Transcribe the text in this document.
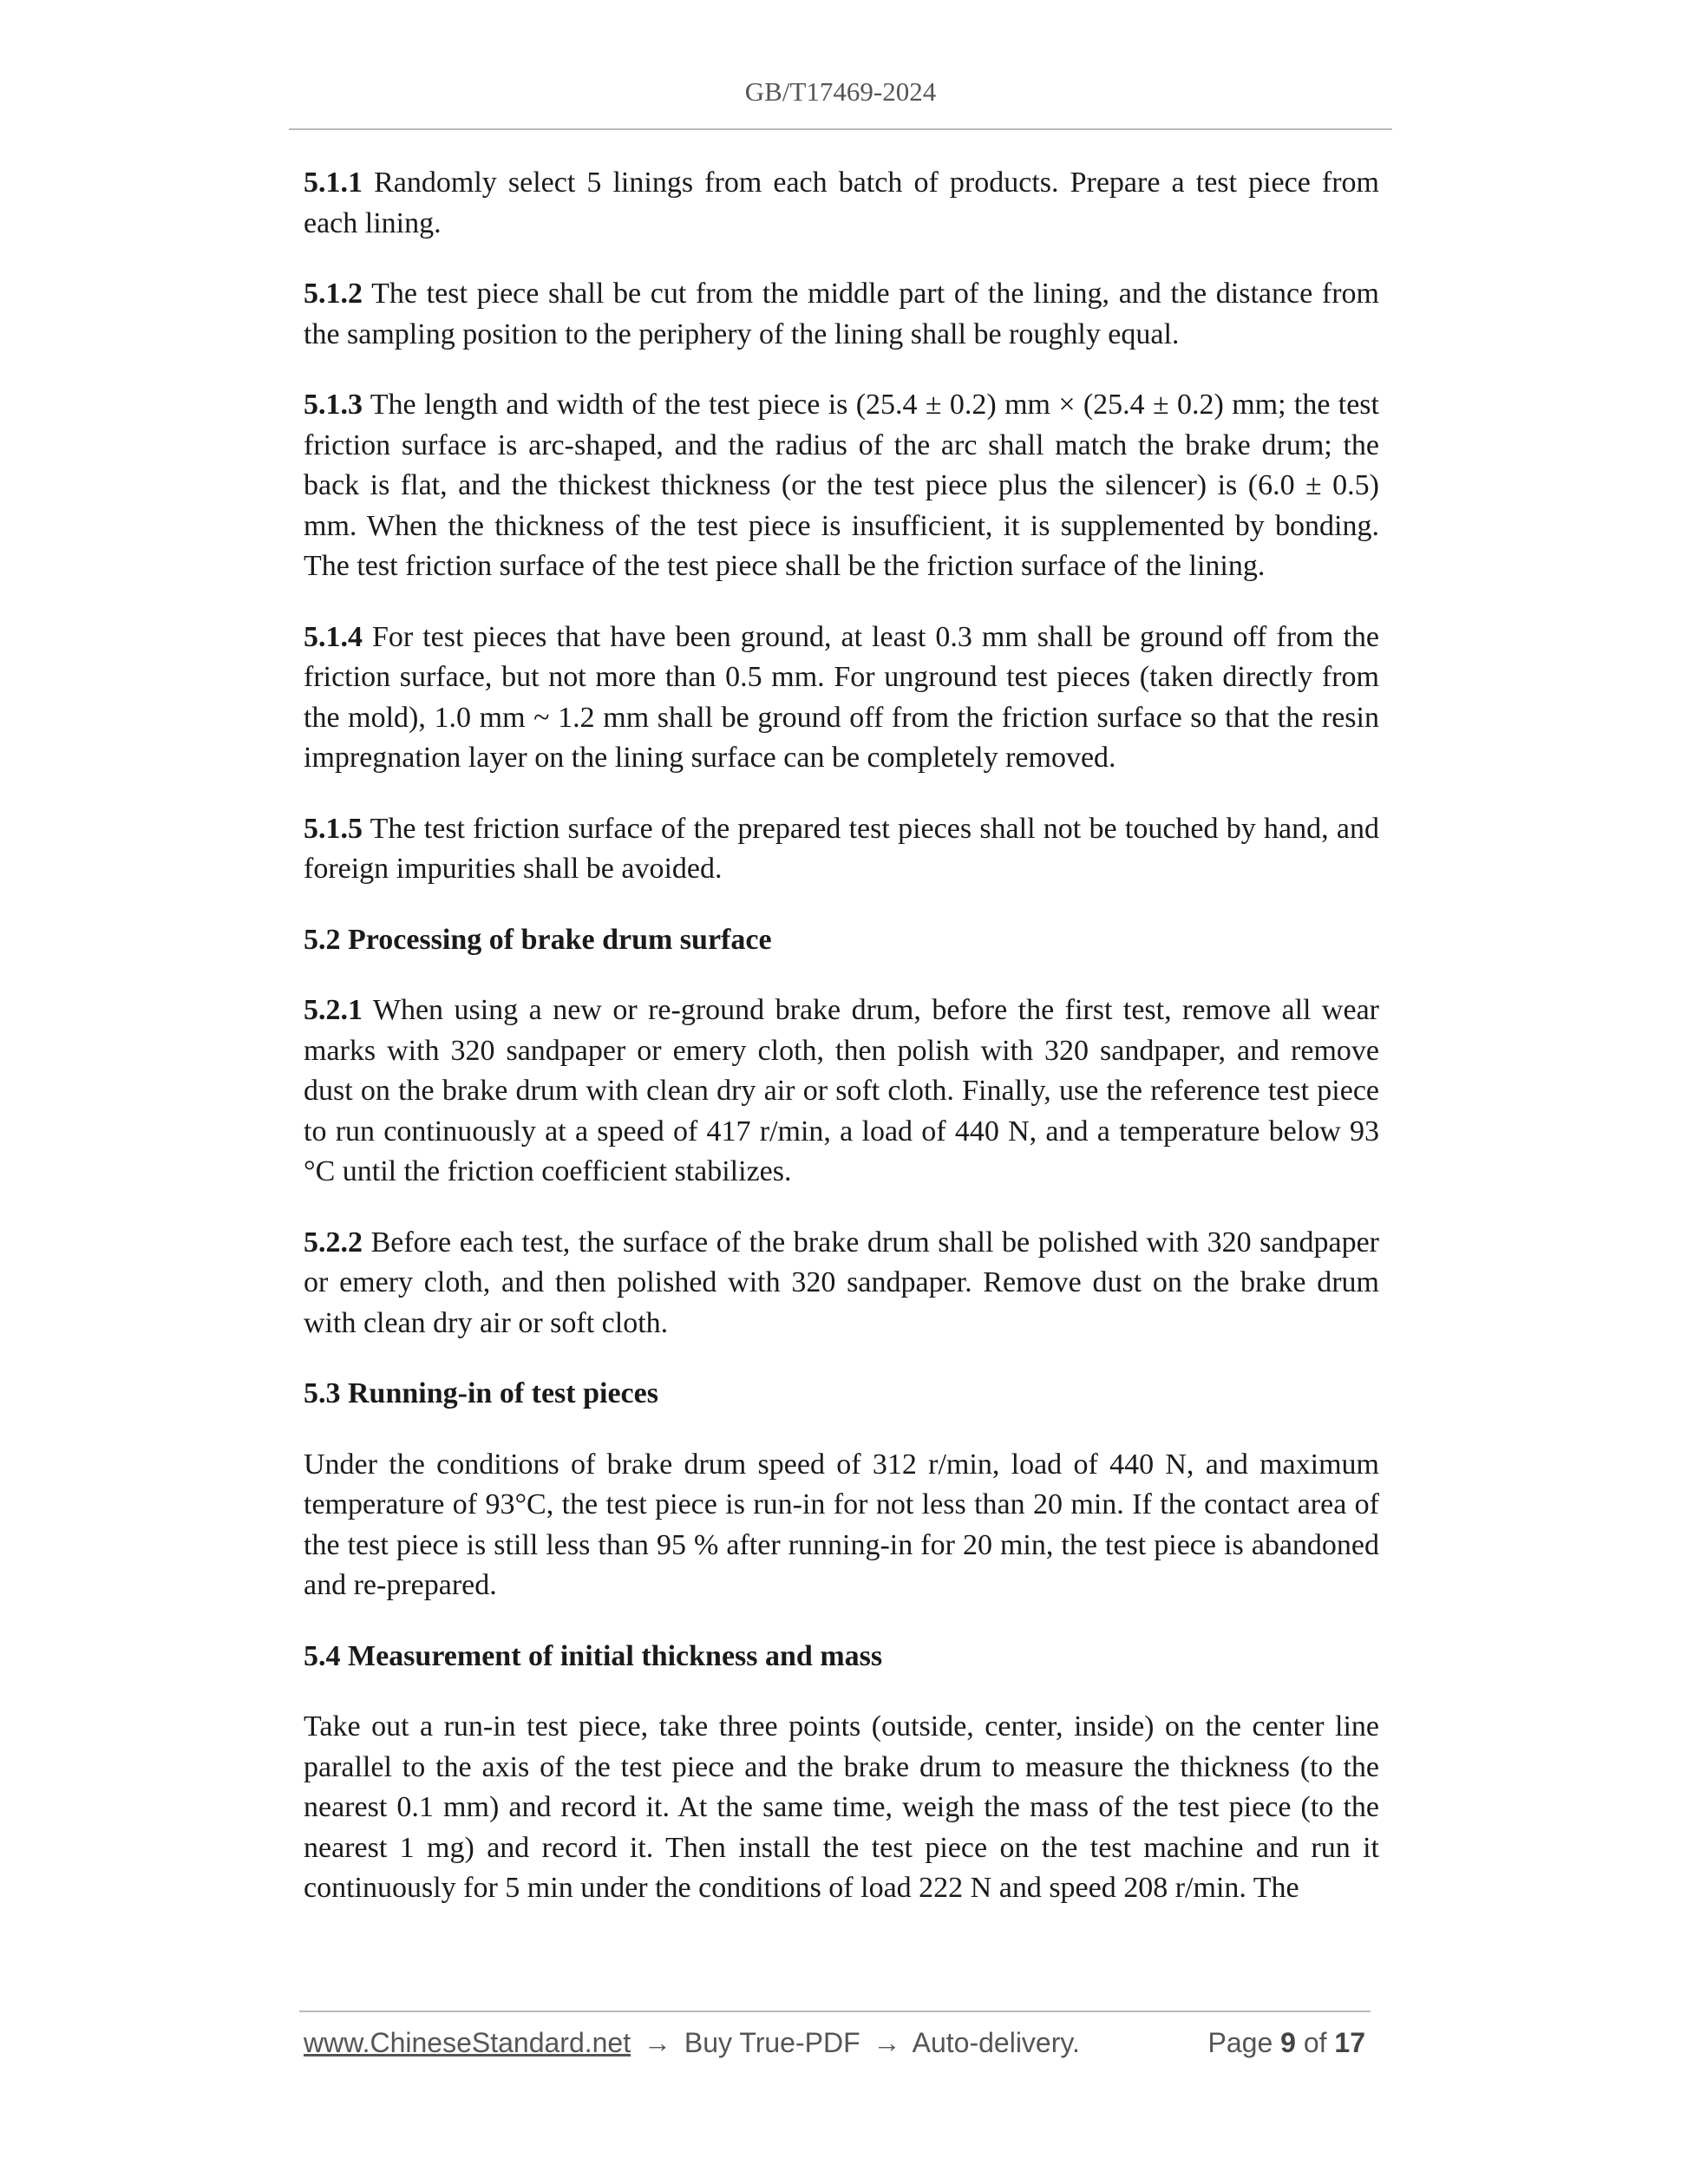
GB/T17469-2024

5.1.1 Randomly select 5 linings from each batch of products. Prepare a test piece from each lining.

5.1.2 The test piece shall be cut from the middle part of the lining, and the distance from the sampling position to the periphery of the lining shall be roughly equal.

5.1.3 The length and width of the test piece is (25.4 ± 0.2) mm × (25.4 ± 0.2) mm; the test friction surface is arc-shaped, and the radius of the arc shall match the brake drum; the back is flat, and the thickest thickness (or the test piece plus the silencer) is (6.0 ± 0.5) mm. When the thickness of the test piece is insufficient, it is supplemented by bonding. The test friction surface of the test piece shall be the friction surface of the lining.

5.1.4 For test pieces that have been ground, at least 0.3 mm shall be ground off from the friction surface, but not more than 0.5 mm. For unground test pieces (taken directly from the mold), 1.0 mm ~ 1.2 mm shall be ground off from the friction surface so that the resin impregnation layer on the lining surface can be completely removed.

5.1.5 The test friction surface of the prepared test pieces shall not be touched by hand, and foreign impurities shall be avoided.

5.2 Processing of brake drum surface

5.2.1 When using a new or re-ground brake drum, before the first test, remove all wear marks with 320 sandpaper or emery cloth, then polish with 320 sandpaper, and remove dust on the brake drum with clean dry air or soft cloth. Finally, use the reference test piece to run continuously at a speed of 417 r/min, a load of 440 N, and a temperature below 93 °C until the friction coefficient stabilizes.

5.2.2 Before each test, the surface of the brake drum shall be polished with 320 sandpaper or emery cloth, and then polished with 320 sandpaper. Remove dust on the brake drum with clean dry air or soft cloth.

5.3 Running-in of test pieces

Under the conditions of brake drum speed of 312 r/min, load of 440 N, and maximum temperature of 93°C, the test piece is run-in for not less than 20 min. If the contact area of the test piece is still less than 95 % after running-in for 20 min, the test piece is abandoned and re-prepared.

5.4 Measurement of initial thickness and mass

Take out a run-in test piece, take three points (outside, center, inside) on the center line parallel to the axis of the test piece and the brake drum to measure the thickness (to the nearest 0.1 mm) and record it. At the same time, weigh the mass of the test piece (to the nearest 1 mg) and record it. Then install the test piece on the test machine and run it continuously for 5 min under the conditions of load 222 N and speed 208 r/min. The

www.ChineseStandard.net → Buy True-PDF → Auto-delivery.	Page 9 of 17
